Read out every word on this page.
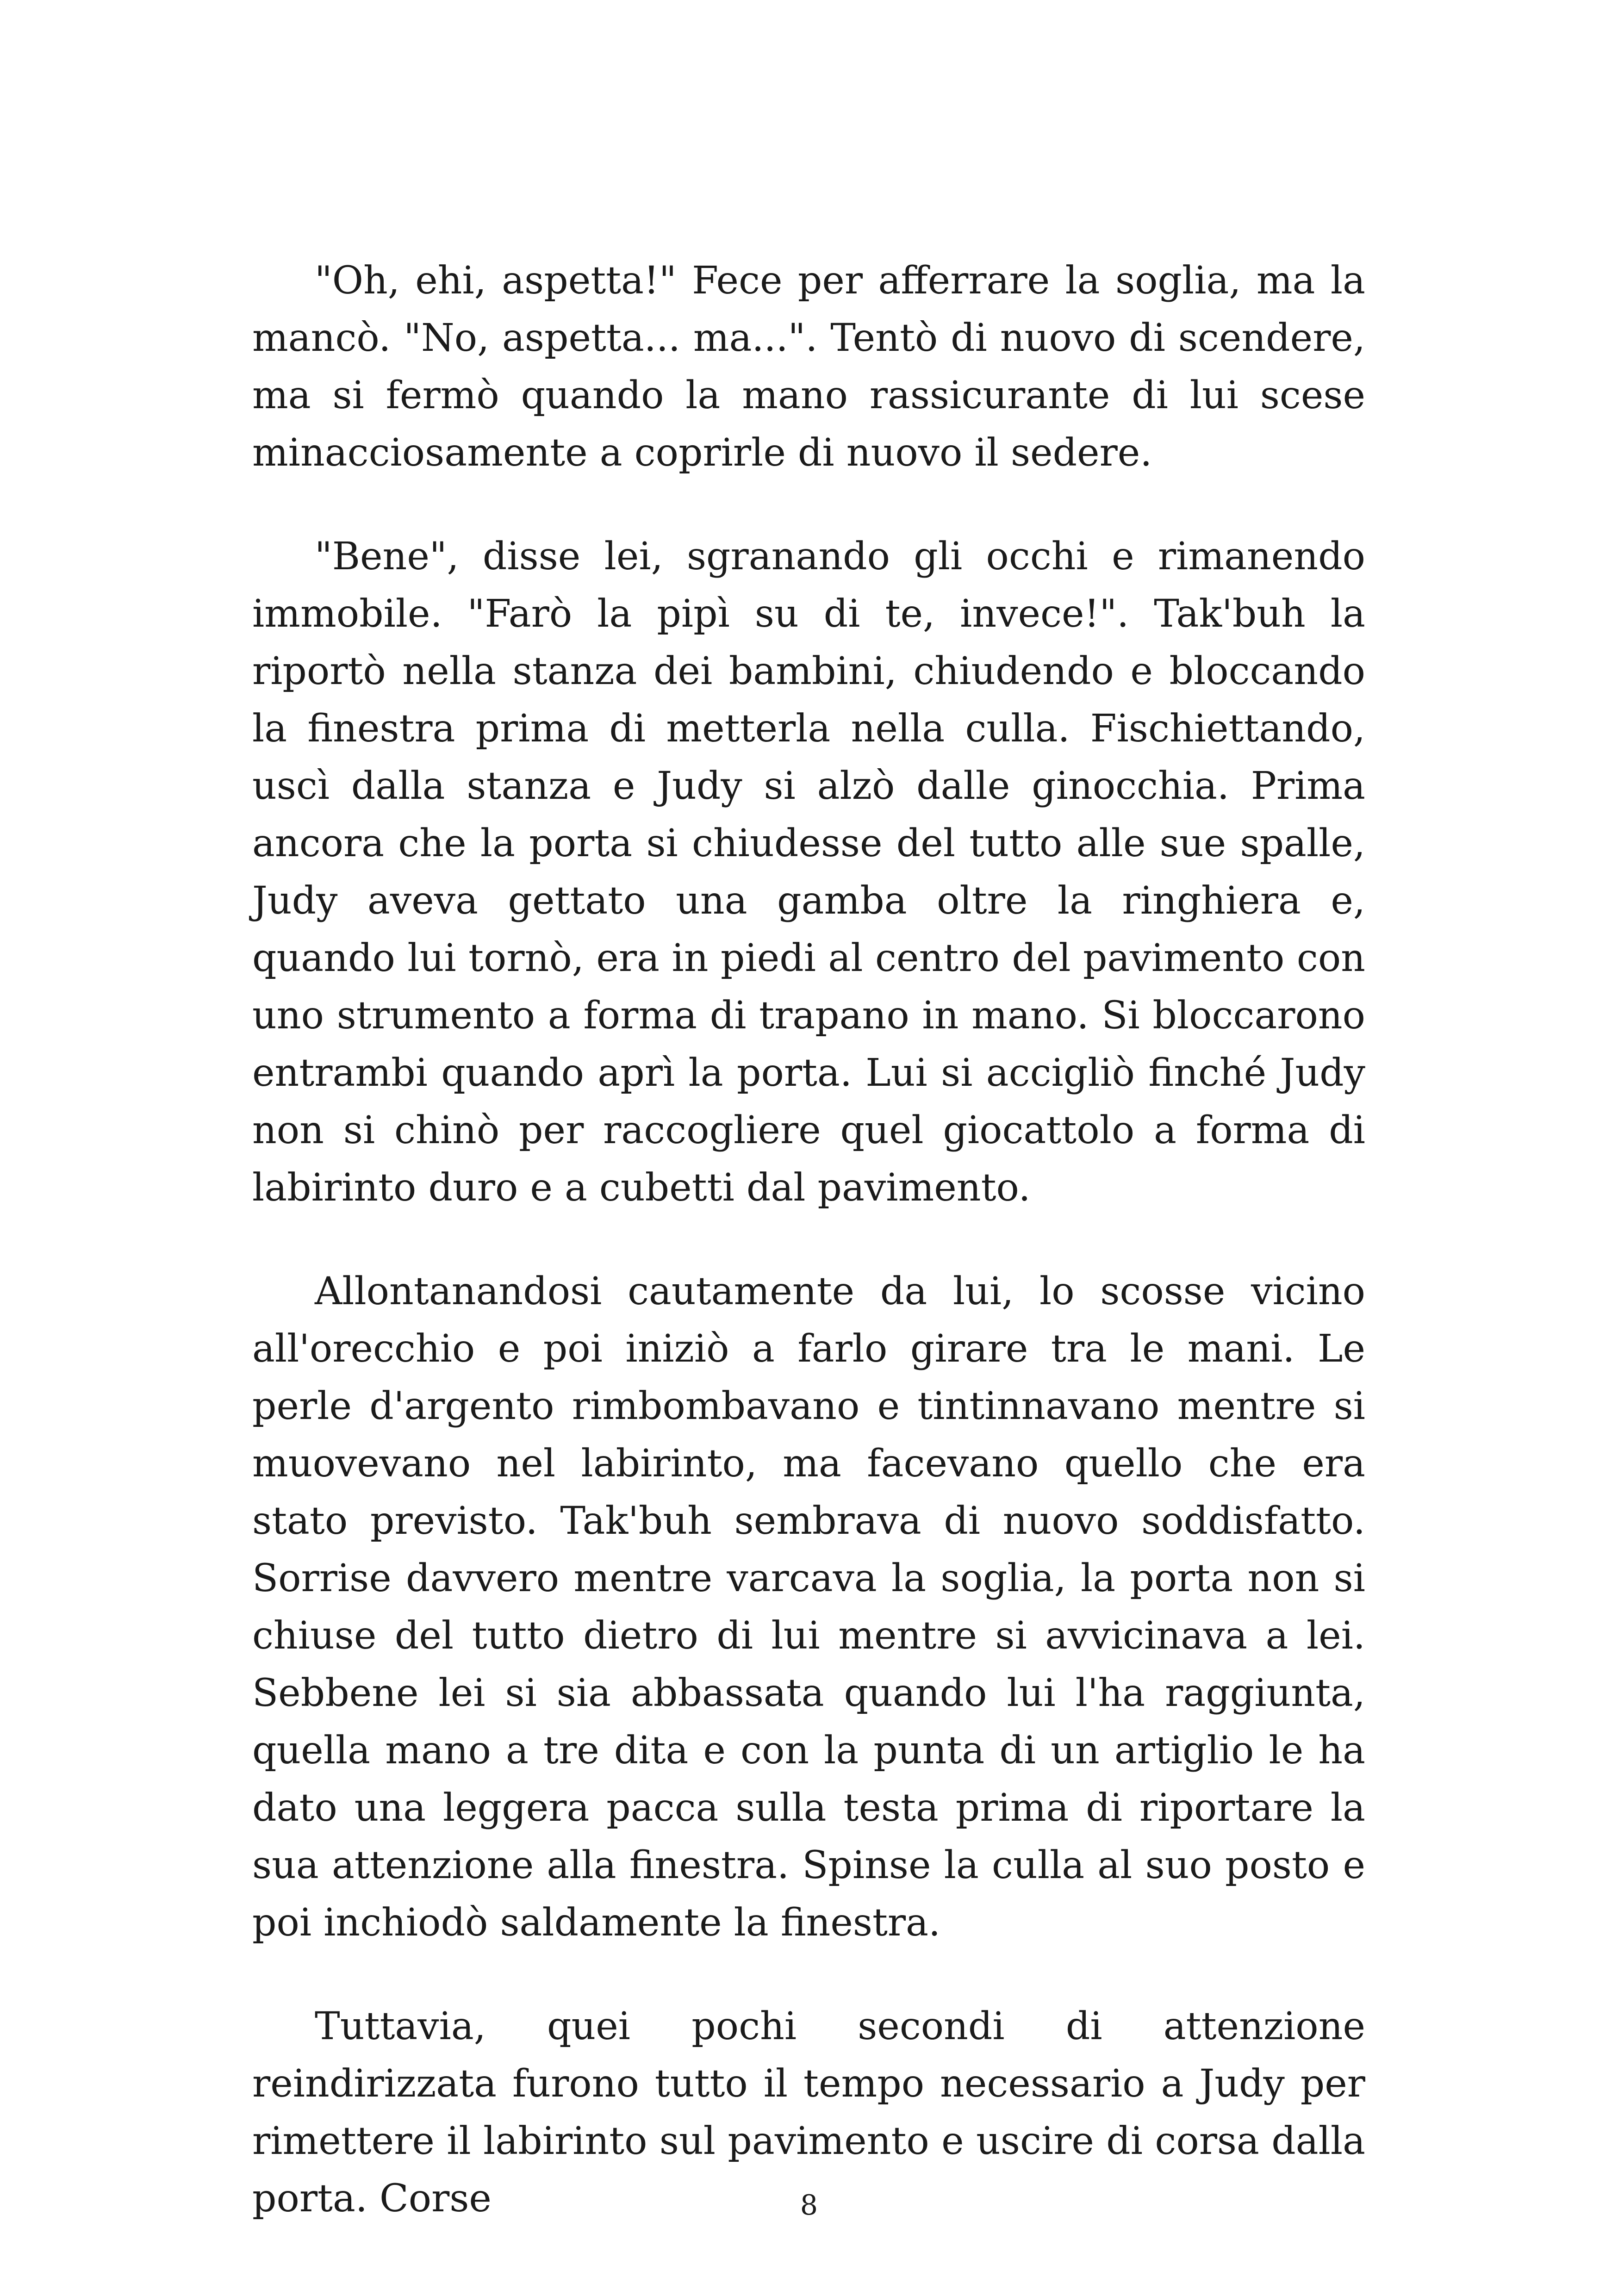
"Oh, ehi, aspetta!" Fece per afferrare la soglia, ma la mancò. "No, aspetta... ma...". Tentò di nuovo di scendere, ma si fermò quando la mano rassicurante di lui scese minacciosamente a coprirle di nuovo il sedere.

"Bene", disse lei, sgranando gli occhi e rimanendo immobile. "Farò la pipì su di te, invece!". Tak'buh la riportò nella stanza dei bambini, chiudendo e bloccando la finestra prima di metterla nella culla. Fischiettando, uscì dalla stanza e Judy si alzò dalle ginocchia. Prima ancora che la porta si chiudesse del tutto alle sue spalle, Judy aveva gettato una gamba oltre la ringhiera e, quando lui tornò, era in piedi al centro del pavimento con uno strumento a forma di trapano in mano. Si bloccarono entrambi quando aprì la porta. Lui si accigliò finché Judy non si chinò per raccogliere quel giocattolo a forma di labirinto duro e a cubetti dal pavimento.

Allontanandosi cautamente da lui, lo scosse vicino all'orecchio e poi iniziò a farlo girare tra le mani. Le perle d'argento rimbombavano e tintinnavano mentre si muovevano nel labirinto, ma facevano quello che era stato previsto. Tak'buh sembrava di nuovo soddisfatto. Sorrise davvero mentre varcava la soglia, la porta non si chiuse del tutto dietro di lui mentre si avvicinava a lei. Sebbene lei si sia abbassata quando lui l'ha raggiunta, quella mano a tre dita e con la punta di un artiglio le ha dato una leggera pacca sulla testa prima di riportare la sua attenzione alla finestra. Spinse la culla al suo posto e poi inchiodò saldamente la finestra.

Tuttavia, quei pochi secondi di attenzione reindirizzata furono tutto il tempo necessario a Judy per rimettere il labirinto sul pavimento e uscire di corsa dalla porta. Corse	8
